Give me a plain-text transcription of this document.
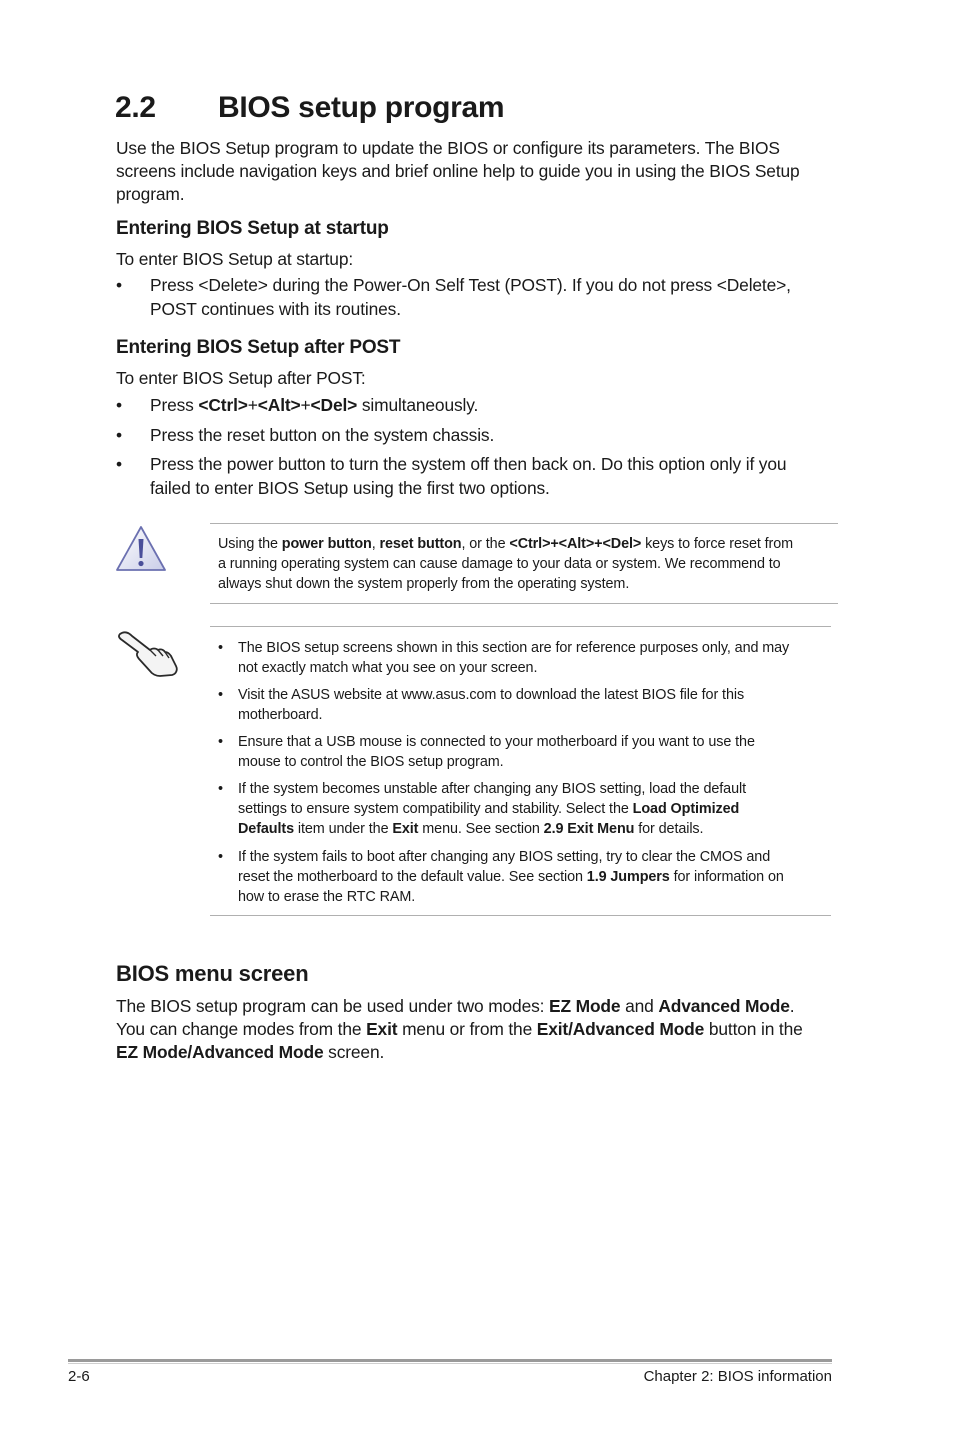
2.2 BIOS setup program
Use the BIOS Setup program to update the BIOS or configure its parameters. The BIOS
screens include navigation keys and brief online help to guide you in using the BIOS Setup
program.
Entering BIOS Setup at startup
To enter BIOS Setup at startup:
• Press <Delete> during the Power-On Self Test (POST). If you do not press <Delete>,
POST continues with its routines.
Entering BIOS Setup after POST
To enter BIOS Setup after POST:
• Press <Ctrl>+<Alt>+<Del> simultaneously.
• Press the reset button on the system chassis.
• Press the power button to turn the system off then back on. Do this option only if you
failed to enter BIOS Setup using the first two options.
Using the power button, reset button, or the <Ctrl>+<Alt>+<Del> keys to force reset from
a running operating system can cause damage to your data or system. We recommend to
always shut down the system properly from the operating system.
• The BIOS setup screens shown in this section are for reference purposes only, and may
not exactly match what you see on your screen.
• Visit the ASUS website at www.asus.com to download the latest BIOS file for this
motherboard.
• Ensure that a USB mouse is connected to your motherboard if you want to use the
mouse to control the BIOS setup program.
• If the system becomes unstable after changing any BIOS setting, load the default
settings to ensure system compatibility and stability. Select the Load Optimized
Defaults item under the Exit menu. See section 2.9 Exit Menu for details.
• If the system fails to boot after changing any BIOS setting, try to clear the CMOS and
reset the motherboard to the default value. See section 1.9 Jumpers for information on
how to erase the RTC RAM.
BIOS menu screen
The BIOS setup program can be used under two modes: EZ Mode and Advanced Mode.
You can change modes from the Exit menu or from the Exit/Advanced Mode button in the
EZ Mode/Advanced Mode screen.
2-6	Chapter 2: BIOS information
